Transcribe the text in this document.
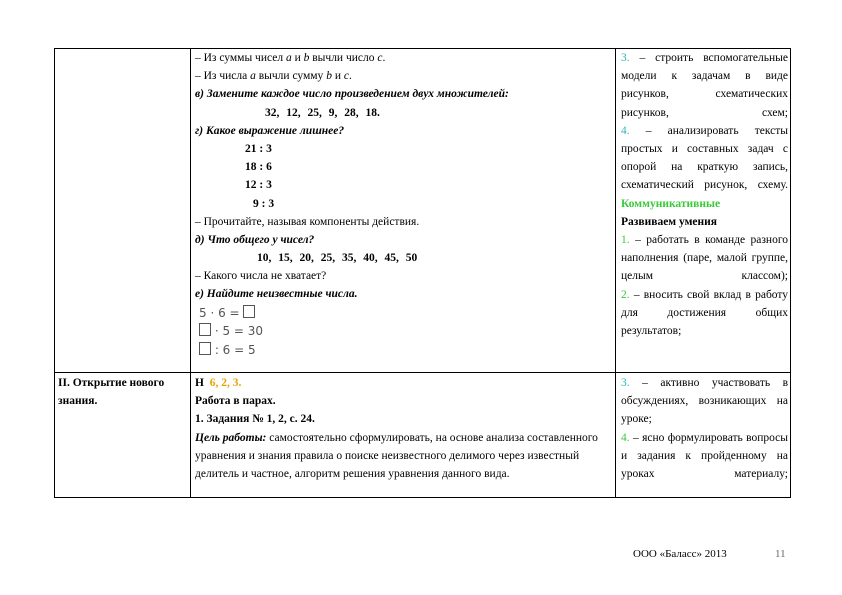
– Из суммы чисел a и b вычли число c.
– Из числа a вычли сумму b и c.
в) Замените каждое число произведением двух множителей:
32, 12, 25, 9, 28, 18.
г) Какое выражение лишнее?
21 : 3
18 : 6
12 : 3
9 : 3
– Прочитайте, называя компоненты действия.
д) Что общего у чисел?
10, 15, 20, 25, 35, 40, 45, 50
– Какого числа не хватает?
е) Найдите неизвестные числа.
5 · 6 =
· 5 = 30
: 6 = 5
3. – строить вспомогательные модели к задачам в виде рисунков, схематических рисунков, схем;
4. – анализировать тексты простых и составных задач с опорой на краткую запись, схематический рисунок, схему.
Коммуникативные
Развиваем умения
1. – работать в команде разного наполнения (паре, малой группе, целым классом);
2. – вносить свой вклад в работу для достижения общих результатов;
II. Открытие нового знания.
Н 6, 2, 3.
Работа в парах.
1. Задания № 1, 2, с. 24.
Цель работы: самостоятельно сформулировать, на основе анализа составленного уравнения и знания правила о поиске неизвестного делимого через известный делитель и частное, алгоритм решения уравнения данного вида.
3. – активно участвовать в обсуждениях, возникающих на уроке;
4. – ясно формулировать вопросы и задания к пройденному на уроках материалу;
ООО «Баласс» 2013	11
